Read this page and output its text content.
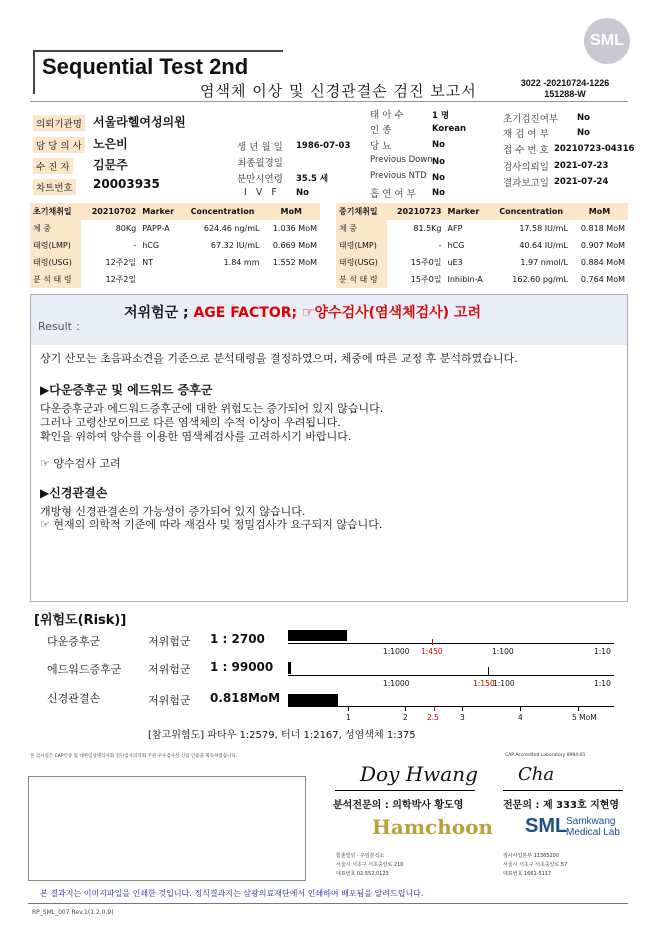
SML
Sequential Test 2nd
염색체 이상 및 신경관결손 검진 보고서	3022 -20210724-1226
151288-W
의뢰기관명 서울라헬여성의원
담 당 의 사 노은비
수 진 자 김문주
차트번호 20003935
생 년 월 일 1986-07-03
최종월경일
분만시연령 35.5 세
I V F No
태 아 수	1 명
인 종	Korean
당 뇨	No
Previous Down No
Previous NTD No
흡 연 여 부 No
초기검진여부 No
재 검 여 부	No
접 수 번 호 20210723-04316
검사의뢰일 2021-07-23
결과보고일 2021-07-24
초기채취일	20210702	Marker	Concentration	MoM
체 중	80Kg	PAPP-A	624.46 ng/mL	1.036 MoM
태령(LMP)	-	hCG	67.32 IU/mL	0.669 MoM
태령(USG)	12주2일	NT	1.84 mm	1.552 MoM
분 석 태 령	12주2일			
중기채취일	20210723	Marker	Concentration	MoM
체 중	81.5Kg	AFP	17.58 IU/mL	0.818 MoM
태령(LMP)	-	hCG	40.64 IU/mL	0.907 MoM
태령(USG)	15주0일	uE3	1.97 nmol/L	0.884 MoM
분 석 태 령	15주0일	Inhibin-A	162.60 pg/mL	0.764 MoM
Result ：
저위험군 ; AGE FACTOR; ☞양수검사(염색체검사) 고려
상기 산모는 초음파소견을 기준으로 분석태령을 결정하였으며, 체중에 따른 교정 후 분석하였습니다.
▶다운증후군 및 에드워드 증후군
다운증후군과 에드워드증후군에 대한 위험도는 증가되어 있지 않습니다.
그러나 고령산모이므로 다른 염색체의 수적 이상이 우려됩니다.
확인을 위하여 양수를 이용한 염색체검사를 고려하시기 바랍니다.
☞ 양수검사 고려
▶신경관결손
개방형 신경관결손의 가능성이 증가되어 있지 않습니다.
☞ 현재의 의학적 기준에 따라 재검사 및 정밀검사가 요구되지 않습니다.
[위험도(Risk)]
다운증후군	저위험군 1 : 2700
1:1000 1:450	1:100	1:10
에드워드증후군 저위험군 1 : 99000
1:1000	1:150
1:100	1:10
신경관결손	저위험군 0.818MoM
1	2	2.5	3	4	5 MoM
[참고위험도] 파타우 1:2579, 터너 1:2167, 성염색체 1:375
본 검사실은 CAP인증 및 대한임상병리사회 진단검사의학회 주관 우수검사실 신임 인증을 획득하였습니다.	CAP Accredited Laboratory 8994-01
Doy Hwang
분석전문의 : 의학박사 황도영
Cha
전문의 : 제 333호 지현영
Hamchoon
함춘빌딩 · 주임분석소
서울시 서초구 서초중앙로 210
대표번호 02.552.0123
SML
Samkwang
Medical Lab
검사사업본부 11365200
서울시 서초구 서초중앙로 57
대표번호 1661-5117
본 결과지는 이미지파일을 인쇄한 것입니다. 정식결과지는 삼광의료재단에서 인쇄하여 배포됨을 알려드립니다.
RP_SML_007 Rev.1(1.2.0.9)
